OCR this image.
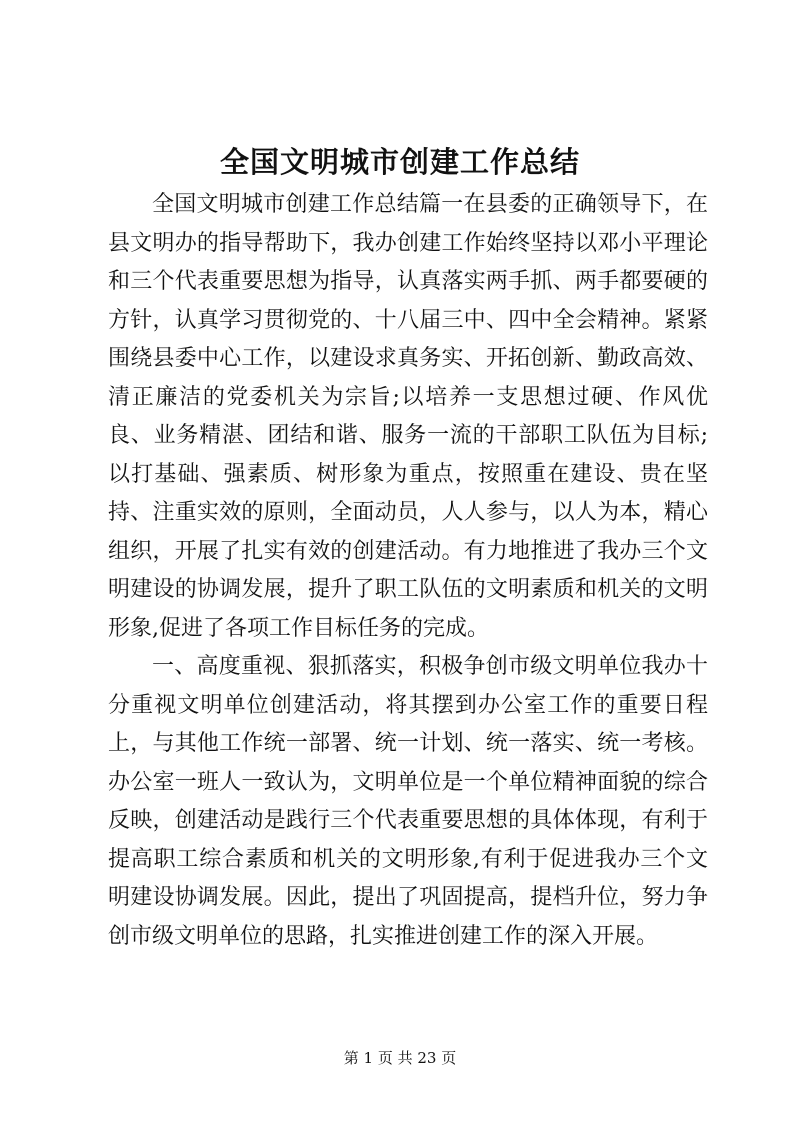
全国文明城市创建工作总结

全国文明城市创建工作总结篇一在县委的正确领导下，在县文明办的指导帮助下，我办创建工作始终坚持以邓小平理论和三个代表重要思想为指导，认真落实两手抓、两手都要硬的方针，认真学习贯彻党的、十八届三中、四中全会精神。紧紧围绕县委中心工作，以建设求真务实、开拓创新、勤政高效、清正廉洁的党委机关为宗旨;以培养一支思想过硬、作风优良、业务精湛、团结和谐、服务一流的干部职工队伍为目标;以打基础、强素质、树形象为重点，按照重在建设、贵在坚持、注重实效的原则，全面动员，人人参与，以人为本，精心组织，开展了扎实有效的创建活动。有力地推进了我办三个文明建设的协调发展，提升了职工队伍的文明素质和机关的文明形象,促进了各项工作目标任务的完成。

一、高度重视、狠抓落实，积极争创市级文明单位我办十分重视文明单位创建活动，将其摆到办公室工作的重要日程上，与其他工作统一部署、统一计划、统一落实、统一考核。办公室一班人一致认为，文明单位是一个单位精神面貌的综合反映，创建活动是践行三个代表重要思想的具体体现，有利于提高职工综合素质和机关的文明形象,有利于促进我办三个文明建设协调发展。因此，提出了巩固提高，提档升位，努力争创市级文明单位的思路，扎实推进创建工作的深入开展。

第 1 页 共 23 页
